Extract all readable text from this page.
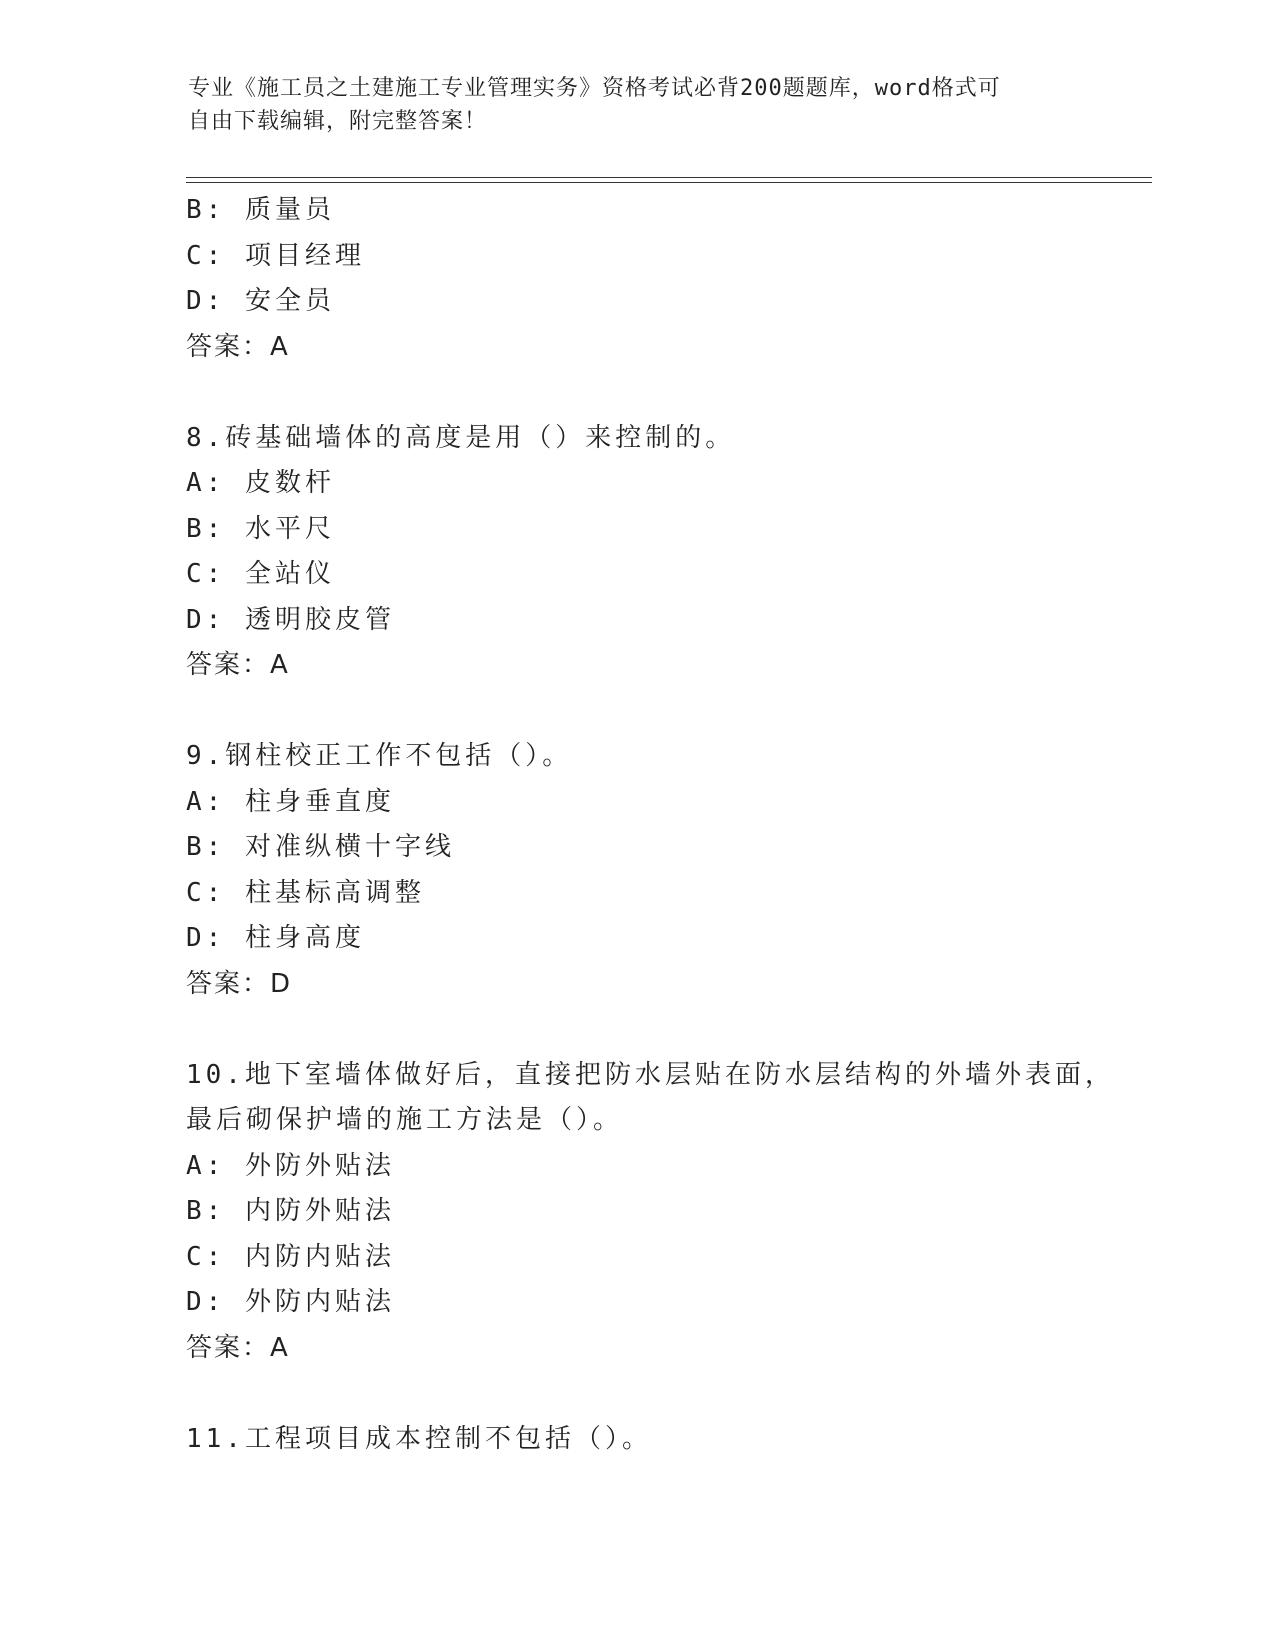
专业《施工员之土建施工专业管理实务》资格考试必背200题题库，word格式可
自由下载编辑，附完整答案！
B: 质量员
C: 项目经理
D: 安全员
答案：A
8.砖基础墙体的高度是用（）来控制的。
A: 皮数杆
B: 水平尺
C: 全站仪
D: 透明胶皮管
答案：A
9.钢柱校正工作不包括（）。
A: 柱身垂直度
B: 对准纵横十字线
C: 柱基标高调整
D: 柱身高度
答案：D
10.地下室墙体做好后，直接把防水层贴在防水层结构的外墙外表面，
最后砌保护墙的施工方法是（）。
A: 外防外贴法
B: 内防外贴法
C: 内防内贴法
D: 外防内贴法
答案：A
11.工程项目成本控制不包括（）。
